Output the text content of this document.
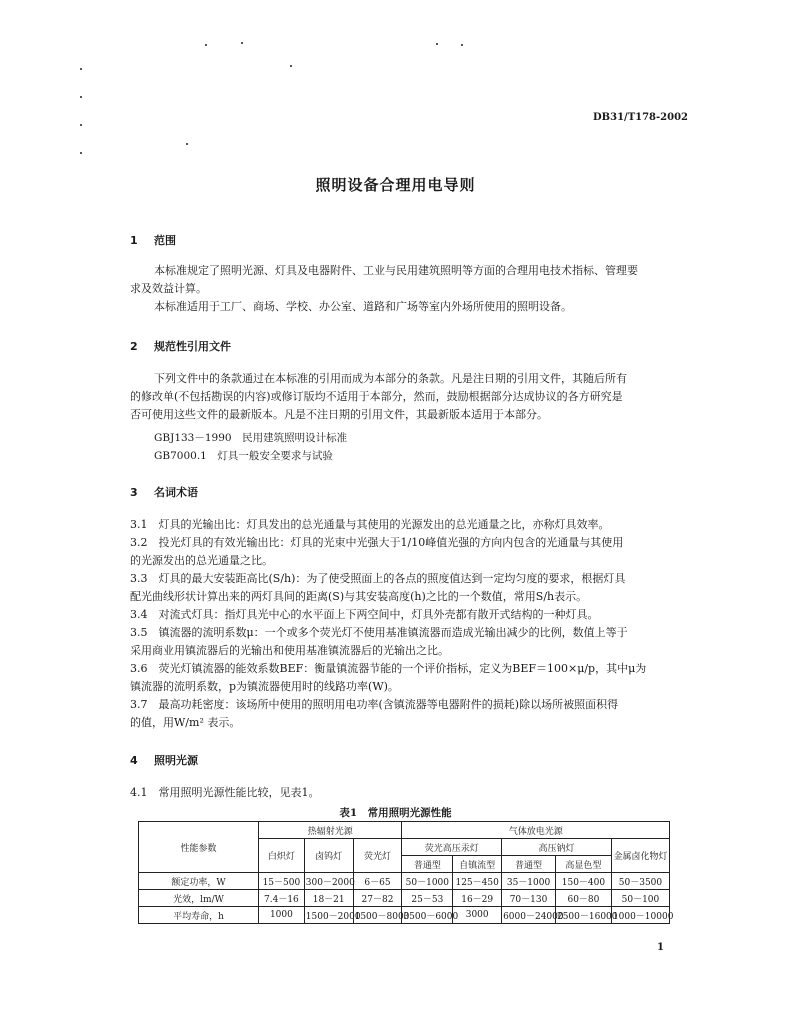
DB31/T178-2002
照明设备合理用电导则
1 范围
本标准规定了照明光源、灯具及电器附件、工业与民用建筑照明等方面的合理用电技术指标、管理要
求及效益计算。
本标准适用于工厂、商场、学校、办公室、道路和广场等室内外场所使用的照明设备。
2 规范性引用文件
下列文件中的条款通过在本标准的引用而成为本部分的条款。凡是注日期的引用文件，其随后所有
的修改单(不包括勘误的内容)或修订版均不适用于本部分，然而，鼓励根据部分达成协议的各方研究是
否可使用这些文件的最新版本。凡是不注日期的引用文件，其最新版本适用于本部分。
GBJ133－1990　民用建筑照明设计标准
GB7000.1　灯具一般安全要求与试验
3 名词术语
3.1　灯具的光输出比：灯具发出的总光通量与其使用的光源发出的总光通量之比，亦称灯具效率。
3.2　投光灯具的有效光输出比：灯具的光束中光强大于1/10峰值光强的方向内包含的光通量与其使用
的光源发出的总光通量之比。
3.3　灯具的最大安装距高比(S/h)：为了使受照面上的各点的照度值达到一定均匀度的要求，根据灯具
配光曲线形状计算出来的两灯具间的距离(S)与其安装高度(h)之比的一个数值，常用S/h表示。
3.4　对流式灯具：指灯具光中心的水平面上下两空间中，灯具外壳都有散开式结构的一种灯具。
3.5　镇流器的流明系数μ：一个或多个荧光灯不使用基准镇流器而造成光输出减少的比例，数值上等于
采用商业用镇流器后的光输出和使用基准镇流器后的光输出之比。
3.6　荧光灯镇流器的能效系数BEF：衡量镇流器节能的一个评价指标，定义为BEF＝100×μ/p，其中μ为
镇流器的流明系数，p为镇流器使用时的线路功率(W)。
3.7　最高功耗密度：该场所中使用的照明用电功率(含镇流器等电器附件的损耗)除以场所被照面积得
的值，用W/m² 表示。
4 照明光源
4.1　常用照明光源性能比较，见表1。
表1　常用照明光源性能
性能参数	热辐射光源			气体放电光源				
	白炽灯	卤钨灯	荧光灯	荧光高压汞灯		高压钠灯		金属卤化物灯
				普通型	自镇流型	普通型	高显色型	
额定功率，W	15－500	300－2000	6－65	50－1000	125－450	35－1000	150－400	50－3500
光效，lm/W	7.4－16	18－21	27－82	25－53	16－29	70－130	60－80	50－100
平均寿命，h	1000	1500－2000	1500－8000	3500－6000	3000	6000－24000	2500－16000	1000－10000
1
